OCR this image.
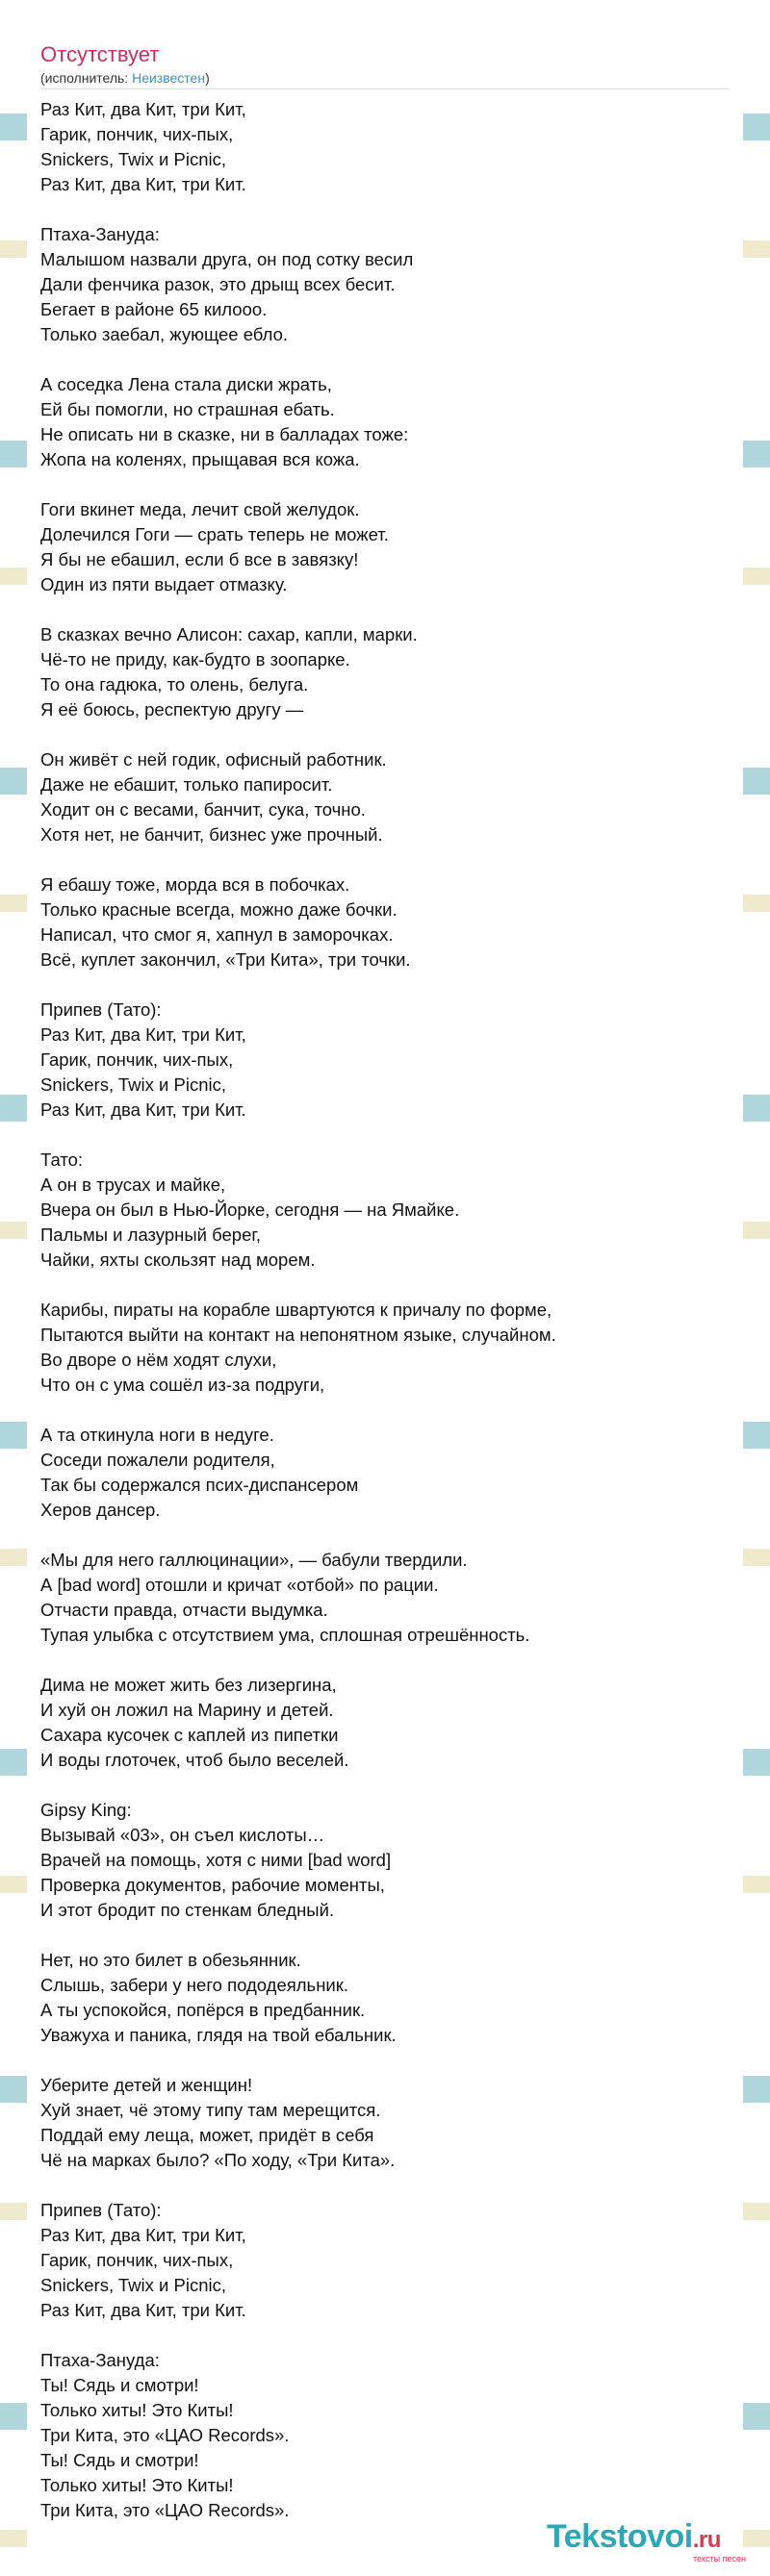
Отсутствует
(исполнитель: Неизвестен)
Раз Кит, два Кит, три Кит,
Гарик, пончик, чих-пых,
Snickers, Twix и Picnic,
Раз Кит, два Кит, три Кит.
Птаха-Зануда:
Малышом назвали друга, он под сотку весил
Дали фенчика разок, это дрыщ всех бесит.
Бегает в районе 65 килооо.
Только заебал, жующее ебло.
А соседка Лена стала диски жрать,
Ей бы помогли, но страшная ебать.
Не описать ни в сказке, ни в балладах тоже:
Жопа на коленях, прыщавая вся кожа.
Гоги вкинет меда, лечит свой желудок.
Долечился Гоги — срать теперь не может.
Я бы не ебашил, если б все в завязку!
Один из пяти выдает отмазку.
В сказках вечно Алисон: сахар, капли, марки.
Чё-то не приду, как-будто в зоопарке.
То она гадюка, то олень, белуга.
Я её боюсь, респектую другу —
Он живёт с ней годик, офисный работник.
Даже не ебашит, только папиросит.
Ходит он с весами, банчит, сука, точно.
Хотя нет, не банчит, бизнес уже прочный.
Я ебашу тоже, морда вся в побочках.
Только красные всегда, можно даже бочки.
Написал, что смог я, хапнул в заморочках.
Всё, куплет закончил, «Три Кита», три точки.
Припев (Тато):
Раз Кит, два Кит, три Кит,
Гарик, пончик, чих-пых,
Snickers, Twix и Picnic,
Раз Кит, два Кит, три Кит.
Тато:
А он в трусах и майке,
Вчера он был в Нью-Йорке, сегодня — на Ямайке.
Пальмы и лазурный берег,
Чайки, яхты скользят над морем.
Карибы, пираты на корабле швартуются к причалу по форме,
Пытаются выйти на контакт на непонятном языке, случайном.
Во дворе о нём ходят слухи,
Что он с ума сошёл из-за подруги,
А та откинула ноги в недуге.
Соседи пожалели родителя,
Так бы содержался псих-диспансером
Херов дансер.
«Мы для него галлюцинации», — бабули твердили.
А [bad word] отошли и кричат «отбой» по рации.
Отчасти правда, отчасти выдумка.
Тупая улыбка с отсутствием ума, сплошная отрешённость.
Дима не может жить без лизергина,
И хуй он ложил на Марину и детей.
Сахара кусочек с каплей из пипетки
И воды глоточек, чтоб было веселей.
Gipsy King:
Вызывай «03», он съел кислоты…
Врачей на помощь, хотя с ними [bad word]
Проверка документов, рабочие моменты,
И этот бродит по стенкам бледный.
Нет, но это билет в обезьянник.
Слышь, забери у него пододеяльник.
А ты успокойся, попёрся в предбанник.
Уважуха и паника, глядя на твой ебальник.
Уберите детей и женщин!
Хуй знает, чё этому типу там мерещится.
Поддай ему леща, может, придёт в себя
Чё на марках было? «По ходу, «Три Кита».
Припев (Тато):
Раз Кит, два Кит, три Кит,
Гарик, пончик, чих-пых,
Snickers, Twix и Picnic,
Раз Кит, два Кит, три Кит.
Птаха-Зануда:
Ты! Сядь и смотри!
Только хиты! Это Киты!
Три Кита, это «ЦАО Records».
Ты! Сядь и смотри!
Только хиты! Это Киты!
Три Кита, это «ЦАО Records».
Tekstovoi.ru
тексты песен
